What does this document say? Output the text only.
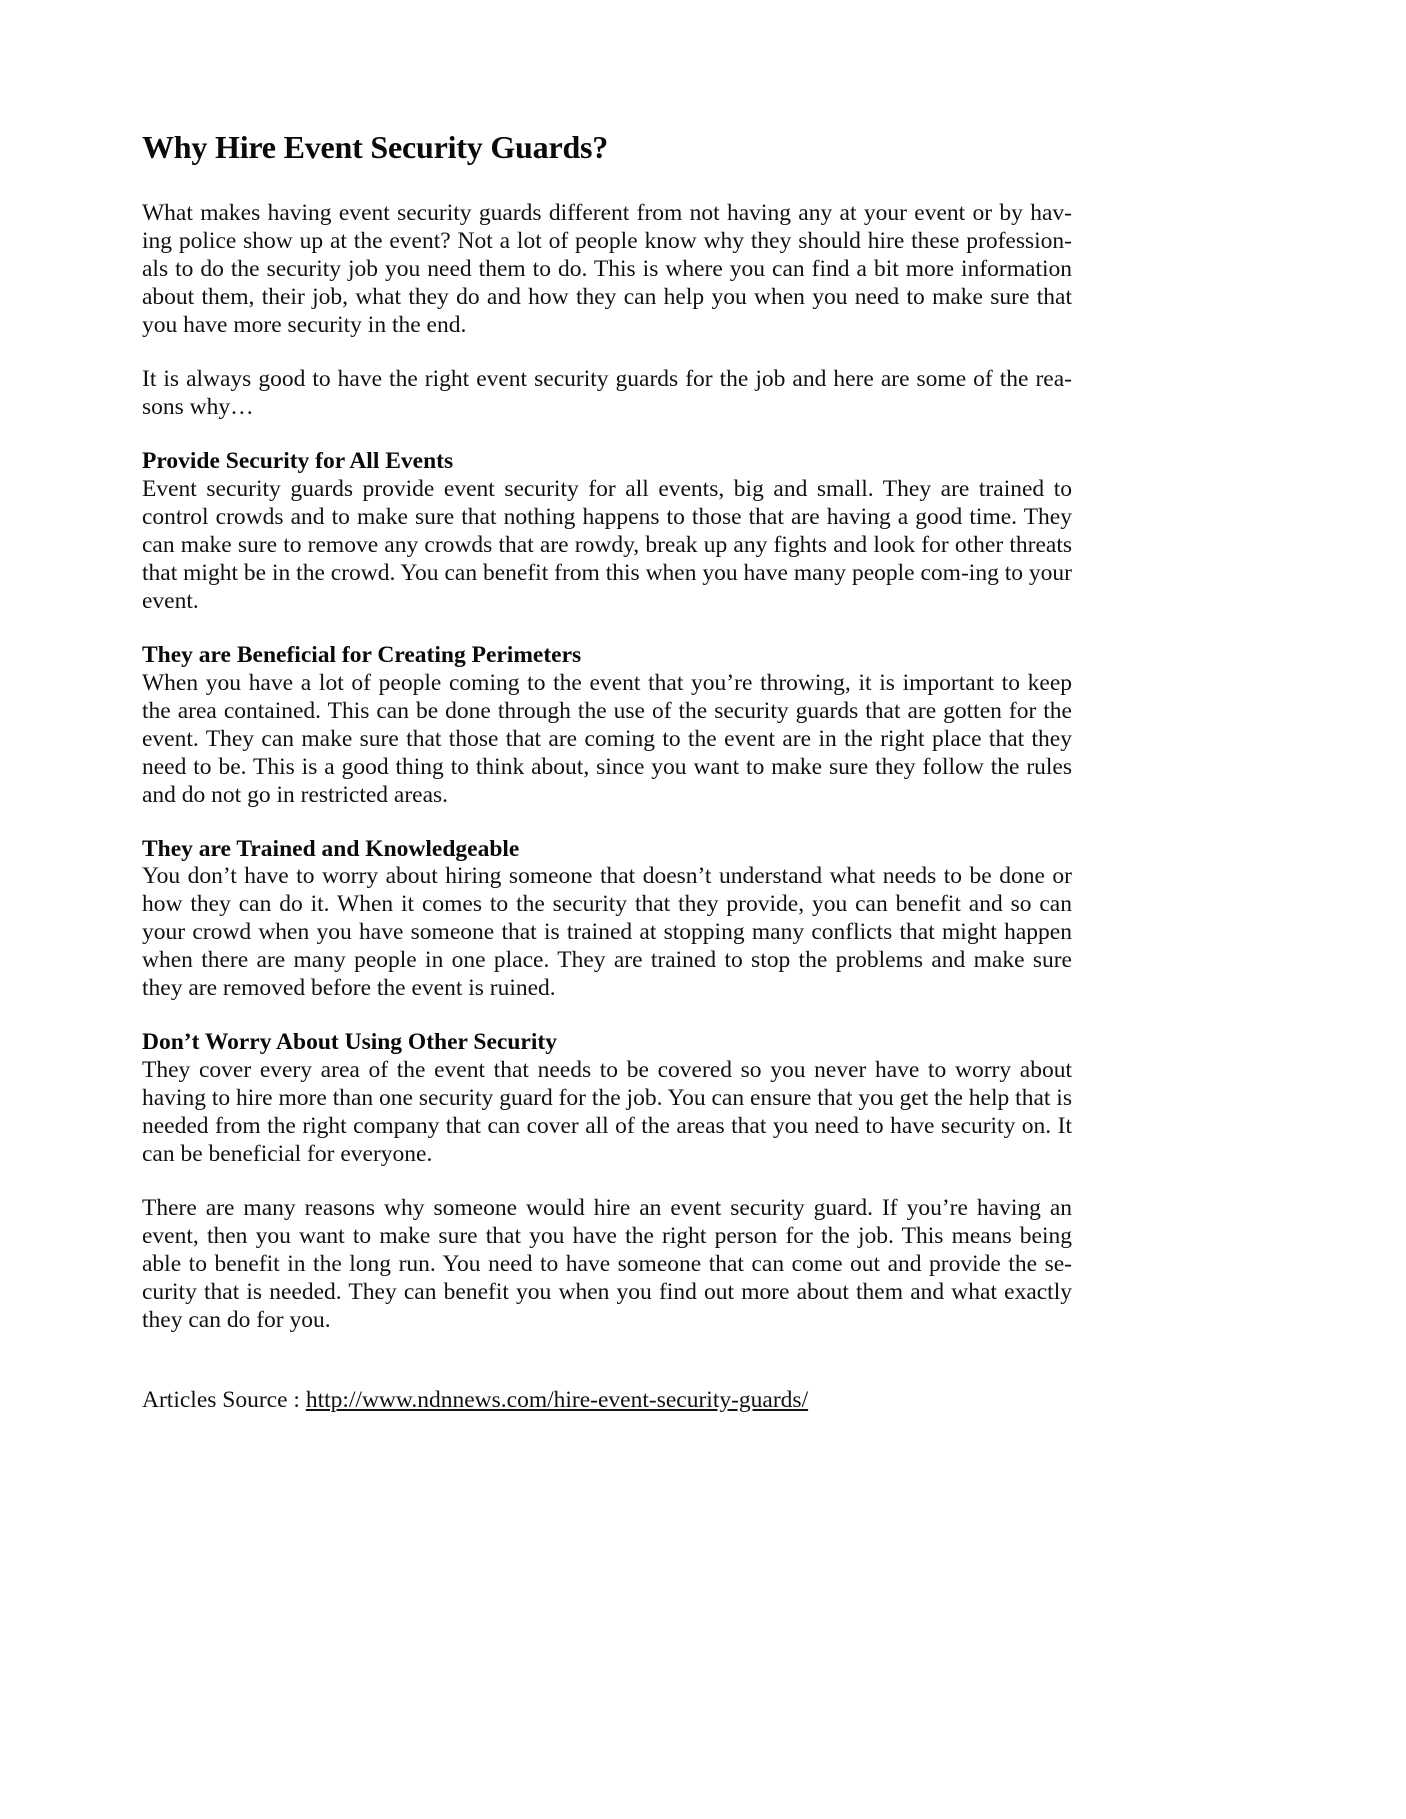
Why Hire Event Security Guards?

What makes having event security guards different from not having any at your event or by hav-ing police show up at the event? Not a lot of people know why they should hire these profession-als to do the security job you need them to do. This is where you can find a bit more information about them, their job, what they do and how they can help you when you need to make sure that you have more security in the end.

It is always good to have the right event security guards for the job and here are some of the rea-sons why…

Provide Security for All Events

Event security guards provide event security for all events, big and small. They are trained to control crowds and to make sure that nothing happens to those that are having a good time. They can make sure to remove any crowds that are rowdy, break up any fights and look for other threats that might be in the crowd. You can benefit from this when you have many people com-ing to your event.

They are Beneficial for Creating Perimeters

When you have a lot of people coming to the event that you’re throwing, it is important to keep the area contained. This can be done through the use of the security guards that are gotten for the event. They can make sure that those that are coming to the event are in the right place that they need to be. This is a good thing to think about, since you want to make sure they follow the rules and do not go in restricted areas.

They are Trained and Knowledgeable

You don’t have to worry about hiring someone that doesn’t understand what needs to be done or how they can do it. When it comes to the security that they provide, you can benefit and so can your crowd when you have someone that is trained at stopping many conflicts that might happen when there are many people in one place. They are trained to stop the problems and make sure they are removed before the event is ruined.

Don’t Worry About Using Other Security

They cover every area of the event that needs to be covered so you never have to worry about having to hire more than one security guard for the job. You can ensure that you get the help that is needed from the right company that can cover all of the areas that you need to have security on. It can be beneficial for everyone.

There are many reasons why someone would hire an event security guard. If you’re having an event, then you want to make sure that you have the right person for the job. This means being able to benefit in the long run. You need to have someone that can come out and provide the se-curity that is needed. They can benefit you when you find out more about them and what exactly they can do for you.

Articles Source : http://www.ndnnews.com/hire-event-security-guards/
